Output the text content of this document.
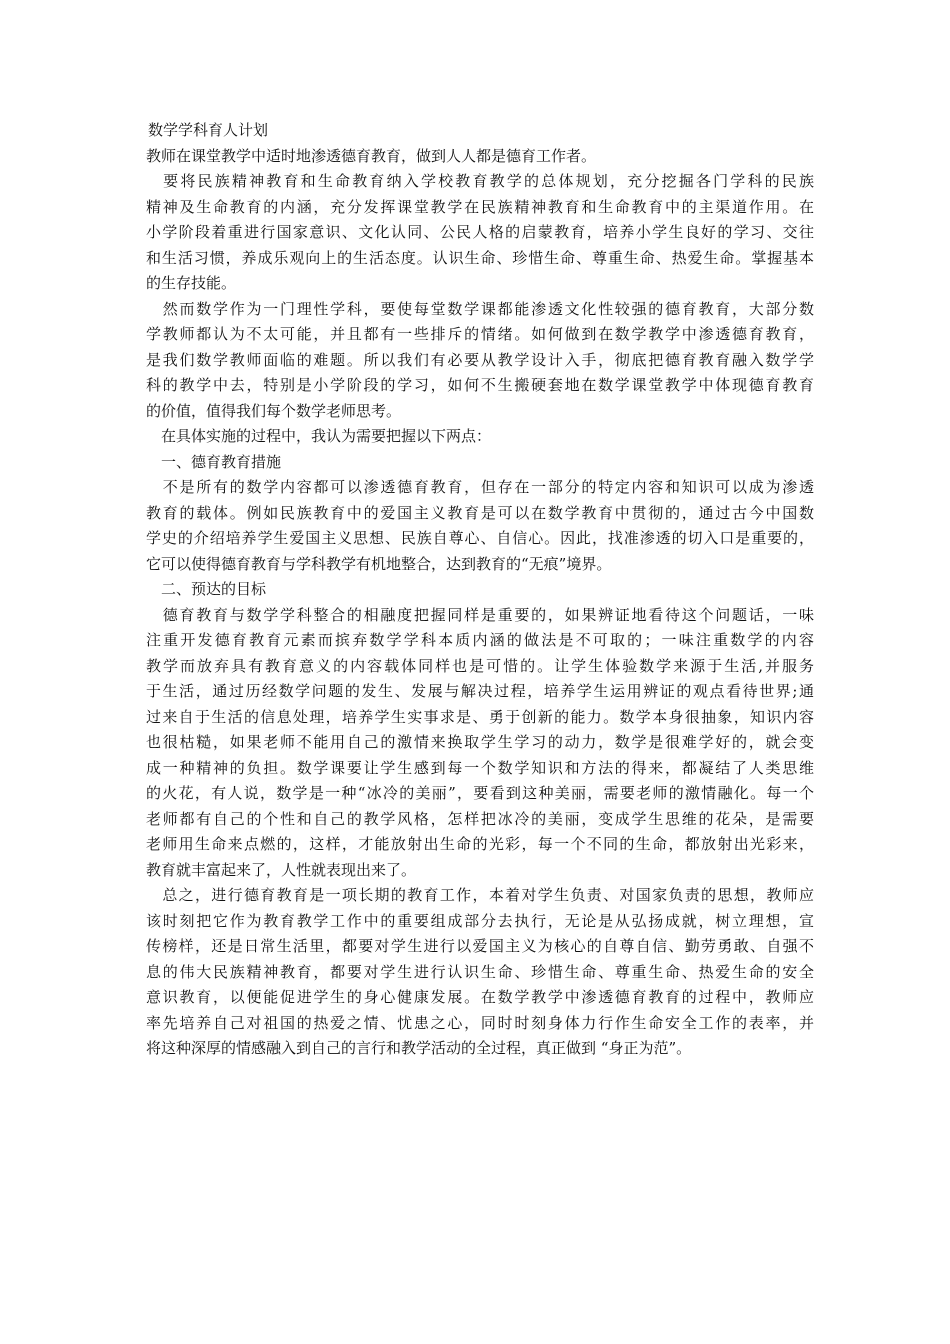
数学学科育人计划
教师在课堂教学中适时地渗透德育教育，做到人人都是德育工作者。
　要将民族精神教育和生命教育纳入学校教育教学的总体规划，充分挖掘各门学科的民族
精神及生命教育的内涵，充分发挥课堂教学在民族精神教育和生命教育中的主渠道作用。在
小学阶段着重进行国家意识、文化认同、公民人格的启蒙教育，培养小学生良好的学习、交往
和生活习惯，养成乐观向上的生活态度。认识生命、珍惜生命、尊重生命、热爱生命。掌握基本
的生存技能。
　然而数学作为一门理性学科，要使每堂数学课都能渗透文化性较强的德育教育，大部分数
学教师都认为不太可能，并且都有一些排斥的情绪。如何做到在数学教学中渗透德育教育，
是我们数学教师面临的难题。所以我们有必要从教学设计入手，彻底把德育教育融入数学学
科的教学中去，特别是小学阶段的学习，如何不生搬硬套地在数学课堂教学中体现德育教育
的价值，值得我们每个数学老师思考。
　在具体实施的过程中，我认为需要把握以下两点：
　一、德育教育措施
　不是所有的数学内容都可以渗透德育教育，但存在一部分的特定内容和知识可以成为渗透
教育的载体。例如民族教育中的爱国主义教育是可以在数学教育中贯彻的，通过古今中国数
学史的介绍培养学生爱国主义思想、民族自尊心、自信心。因此，找准渗透的切入口是重要的，
它可以使得德育教育与学科教学有机地整合，达到教育的“无痕”境界。
　二、预达的目标
　德育教育与数学学科整合的相融度把握同样是重要的，如果辨证地看待这个问题话，一味
注重开发德育教育元素而摈弃数学学科本质内涵的做法是不可取的；一味注重数学的内容
教学而放弃具有教育意义的内容载体同样也是可惜的。让学生体验数学来源于生活,并服务
于生活，通过历经数学问题的发生、发展与解决过程，培养学生运用辨证的观点看待世界;通
过来自于生活的信息处理，培养学生实事求是、勇于创新的能力。数学本身很抽象，知识内容
也很枯糙，如果老师不能用自己的激情来换取学生学习的动力，数学是很难学好的，就会变
成一种精神的负担。数学课要让学生感到每一个数学知识和方法的得来，都凝结了人类思维
的火花，有人说，数学是一种“冰冷的美丽”，要看到这种美丽，需要老师的激情融化。每一个
老师都有自己的个性和自己的教学风格，怎样把冰冷的美丽，变成学生思维的花朵，是需要
老师用生命来点燃的，这样，才能放射出生命的光彩，每一个不同的生命，都放射出光彩来，
教育就丰富起来了，人性就表现出来了。
　总之，进行德育教育是一项长期的教育工作，本着对学生负责、对国家负责的思想，教师应
该时刻把它作为教育教学工作中的重要组成部分去执行，无论是从弘扬成就，树立理想，宣
传榜样，还是日常生活里，都要对学生进行以爱国主义为核心的自尊自信、勤劳勇敢、自强不
息的伟大民族精神教育，都要对学生进行认识生命、珍惜生命、尊重生命、热爱生命的安全
意识教育，以便能促进学生的身心健康发展。在数学教学中渗透德育教育的过程中，教师应
率先培养自己对祖国的热爱之情、忧患之心，同时时刻身体力行作生命安全工作的表率，并
将这种深厚的情感融入到自己的言行和教学活动的全过程，真正做到 “身正为范”。
